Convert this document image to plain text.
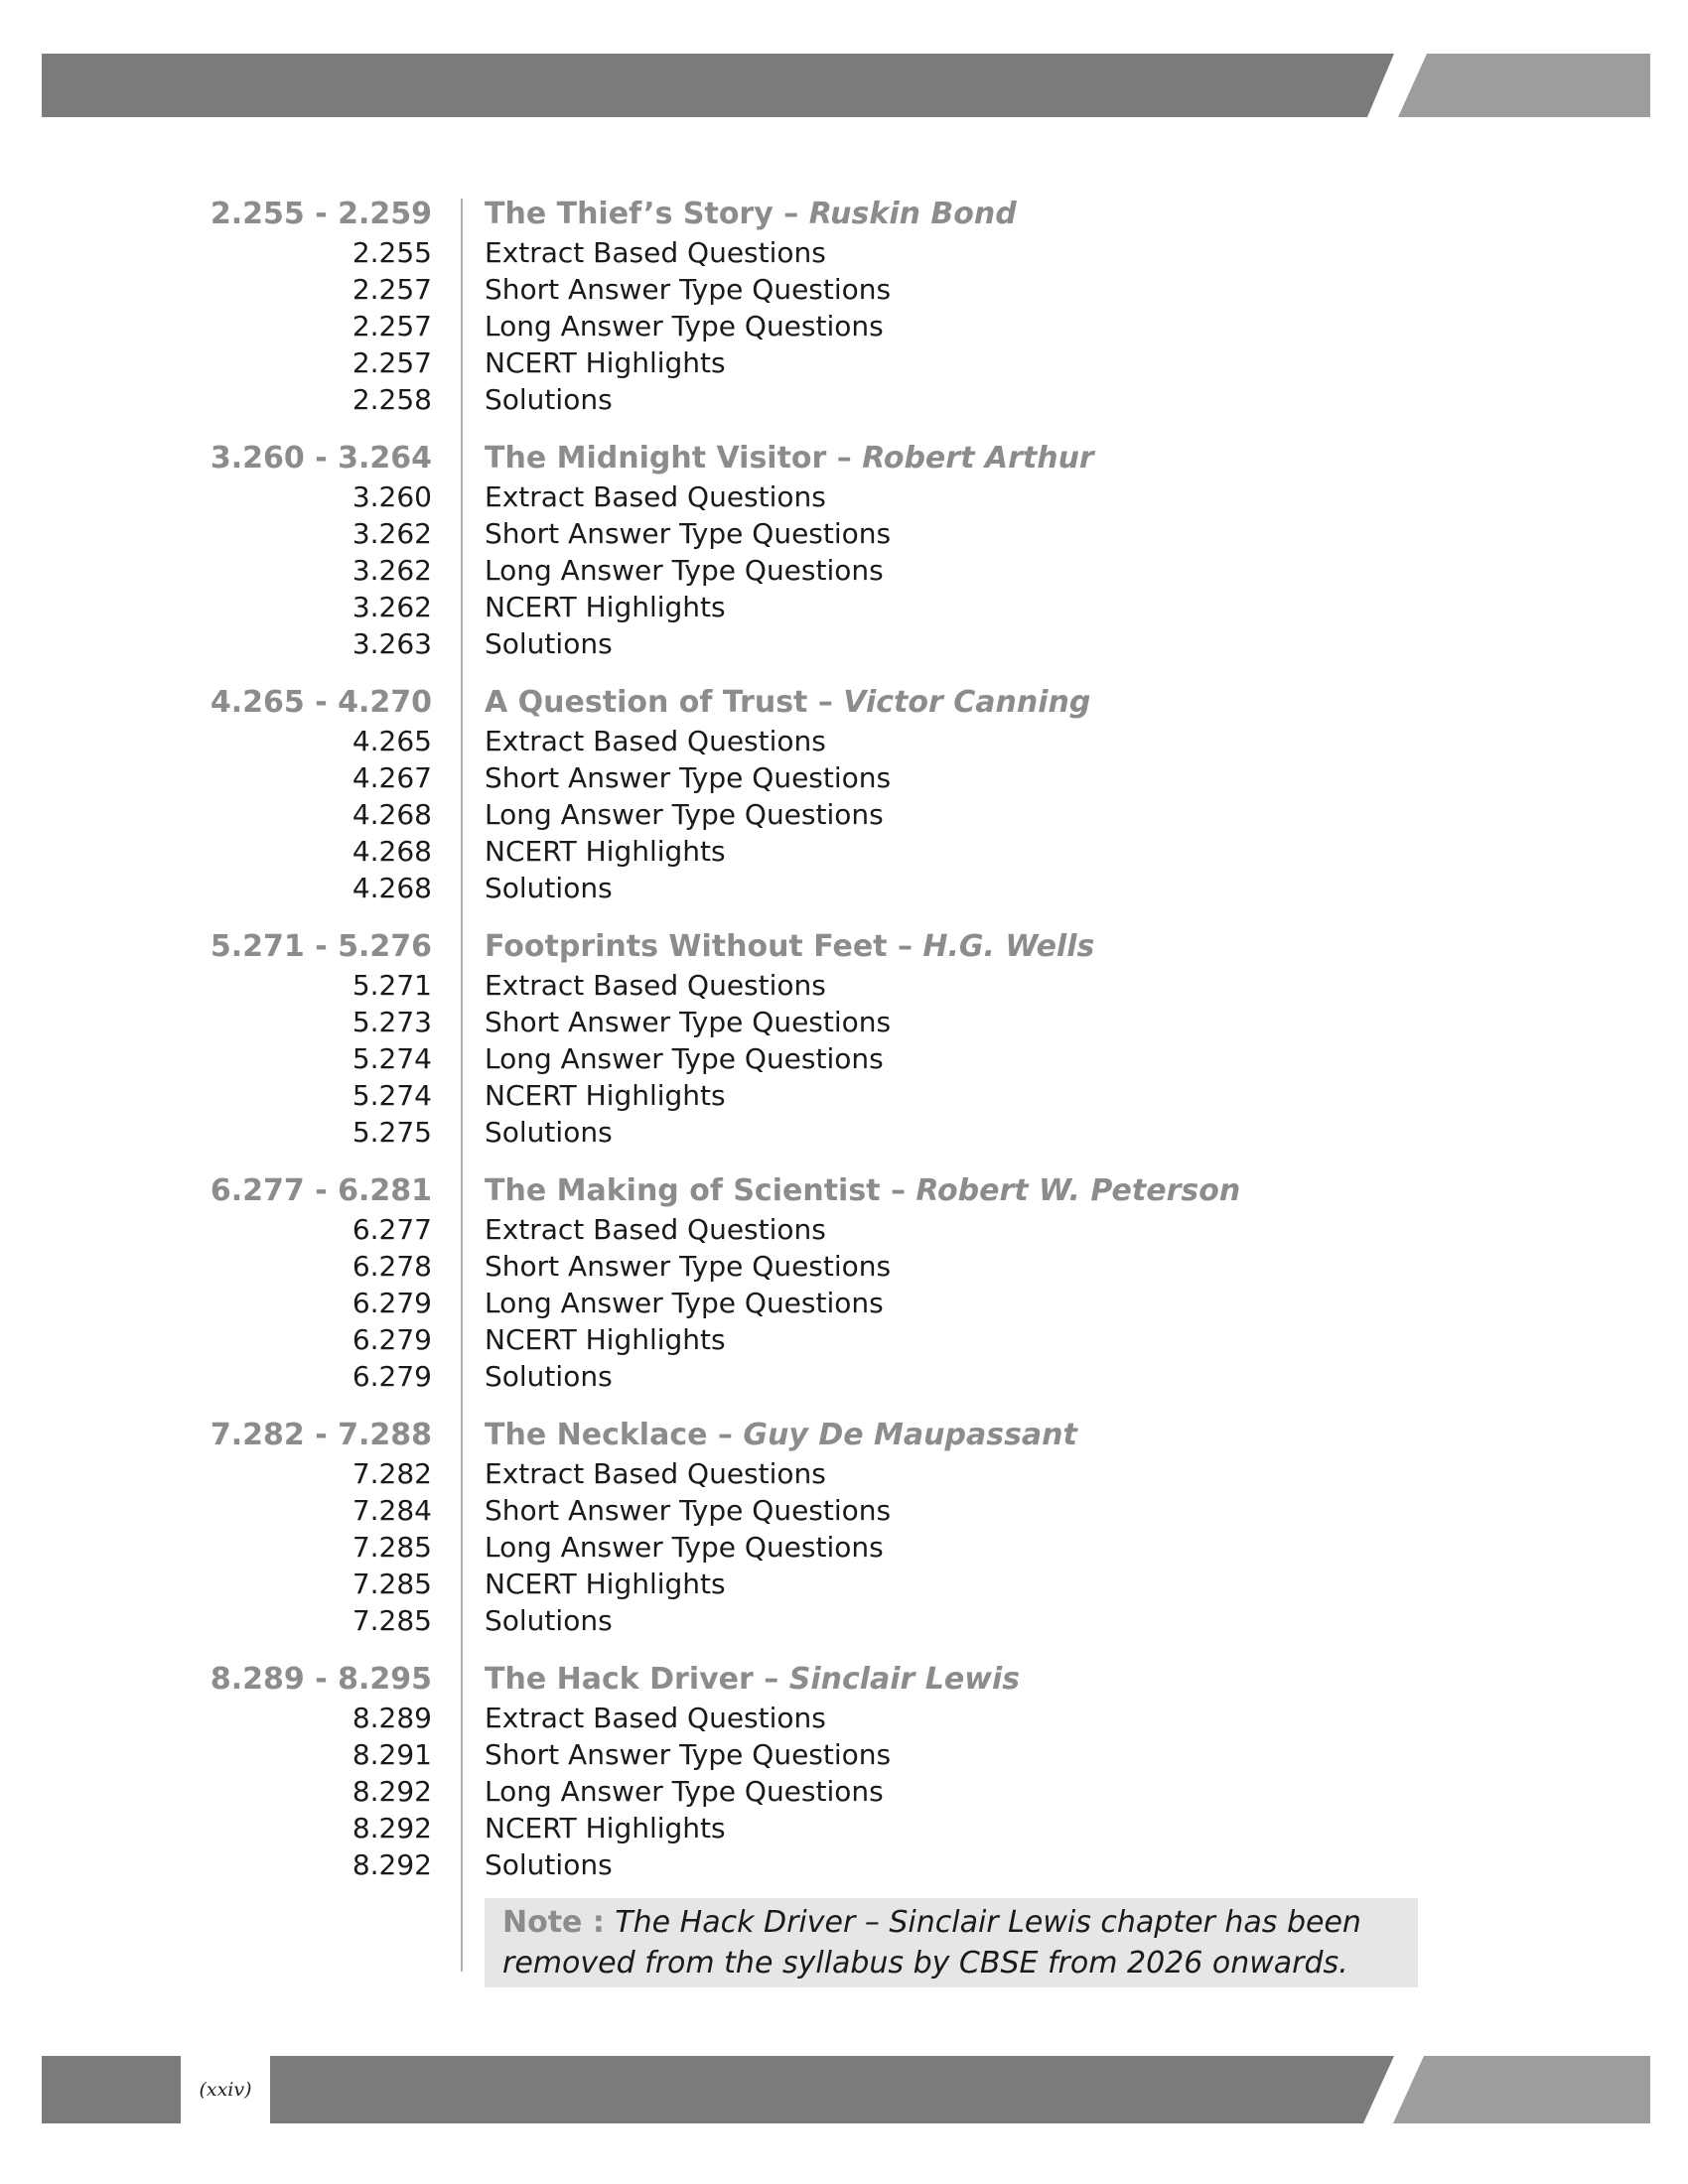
2.255 - 2.259 The Thief’s Story – Ruskin Bond
2.255 Extract Based Questions
2.257 Short Answer Type Questions
2.257 Long Answer Type Questions
2.257 NCERT Highlights
2.258 Solutions
3.260 - 3.264 The Midnight Visitor – Robert Arthur
3.260 Extract Based Questions
3.262 Short Answer Type Questions
3.262 Long Answer Type Questions
3.262 NCERT Highlights
3.263 Solutions
4.265 - 4.270 A Question of Trust – Victor Canning
4.265 Extract Based Questions
4.267 Short Answer Type Questions
4.268 Long Answer Type Questions
4.268 NCERT Highlights
4.268 Solutions
5.271 - 5.276 Footprints Without Feet – H.G. Wells
5.271 Extract Based Questions
5.273 Short Answer Type Questions
5.274 Long Answer Type Questions
5.274 NCERT Highlights
5.275 Solutions
6.277 - 6.281 The Making of Scientist – Robert W. Peterson
6.277 Extract Based Questions
6.278 Short Answer Type Questions
6.279 Long Answer Type Questions
6.279 NCERT Highlights
6.279 Solutions
7.282 - 7.288 The Necklace – Guy De Maupassant
7.282 Extract Based Questions
7.284 Short Answer Type Questions
7.285 Long Answer Type Questions
7.285 NCERT Highlights
7.285 Solutions
8.289 - 8.295 The Hack Driver – Sinclair Lewis
8.289 Extract Based Questions
8.291 Short Answer Type Questions
8.292 Long Answer Type Questions
8.292 NCERT Highlights
8.292 Solutions
Note : The Hack Driver – Sinclair Lewis chapter has been removed from the syllabus by CBSE from 2026 onwards.
(xxiv)
